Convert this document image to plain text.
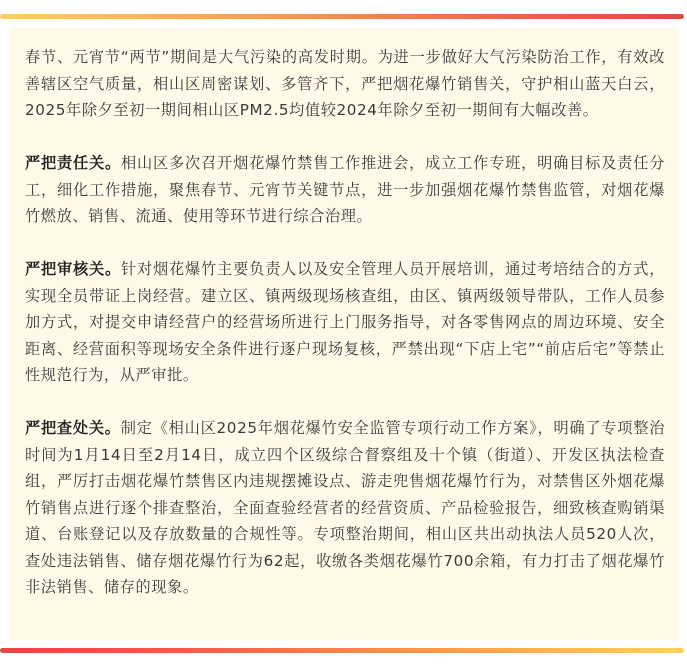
春节、元宵节“两节”期间是大气污染的高发时期。为进一步做好大气污染防治工作，有效改善辖区空气质量，相山区周密谋划、多管齐下，严把烟花爆竹销售关，守护相山蓝天白云，2025年除夕至初一期间相山区PM2.5均值较2024年除夕至初一期间有大幅改善。

严把责任关。相山区多次召开烟花爆竹禁售工作推进会，成立工作专班，明确目标及责任分工，细化工作措施，聚焦春节、元宵节关键节点，进一步加强烟花爆竹禁售监管，对烟花爆竹燃放、销售、流通、使用等环节进行综合治理。

严把审核关。针对烟花爆竹主要负责人以及安全管理人员开展培训，通过考培结合的方式，实现全员带证上岗经营。建立区、镇两级现场核查组，由区、镇两级领导带队，工作人员参加方式，对提交申请经营户的经营场所进行上门服务指导，对各零售网点的周边环境、安全距离、经营面积等现场安全条件进行逐户现场复核，严禁出现“下店上宅”“前店后宅”等禁止性规范行为，从严审批。

严把查处关。制定《相山区2025年烟花爆竹安全监管专项行动工作方案》，明确了专项整治时间为1月14日至2月14日，成立四个区级综合督察组及十个镇（街道）、开发区执法检查组，严厉打击烟花爆竹禁售区内违规摆摊设点、游走兜售烟花爆竹行为，对禁售区外烟花爆竹销售点进行逐个排查整治，全面查验经营者的经营资质、产品检验报告，细致核查购销渠道、台账登记以及存放数量的合规性等。专项整治期间，相山区共出动执法人员520人次，查处违法销售、储存烟花爆竹行为62起，收缴各类烟花爆竹700余箱，有力打击了烟花爆竹非法销售、储存的现象。
